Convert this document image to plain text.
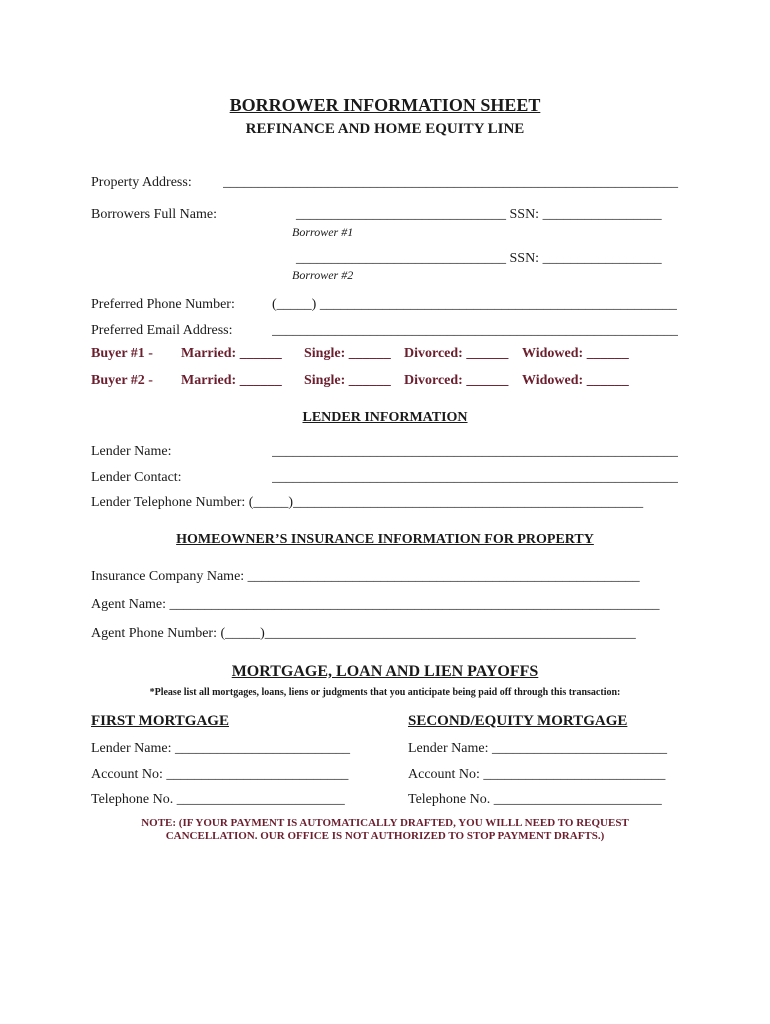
BORROWER INFORMATION SHEET
REFINANCE AND HOME EQUITY LINE
Property Address: _________________________________________________________________
Borrowers Full Name:	______________________________ SSN: _________________
Borrower #1
______________________________ SSN: _________________
Borrower #2
Preferred Phone Number:	(_____) ___________________________________________________
Preferred Email Address:	__________________________________________________________
Buyer #1 - Married: ______ Single: ______ Divorced: ______ Widowed: ______
Buyer #2 - Married: ______ Single: ______ Divorced: ______ Widowed: ______
LENDER INFORMATION
Lender Name:	__________________________________________________________
Lender Contact:	__________________________________________________________
Lender Telephone Number: (_____)__________________________________________________
HOMEOWNER’S INSURANCE INFORMATION FOR PROPERTY
Insurance Company Name: ________________________________________________________
Agent Name: ______________________________________________________________________
Agent Phone Number: (_____)_____________________________________________________
MORTGAGE, LOAN AND LIEN PAYOFFS
*Please list all mortgages, loans, liens or judgments that you anticipate being paid off through this transaction:
FIRST MORTGAGE	SECOND/EQUITY MORTGAGE
Lender Name: _________________________	Lender Name: _________________________
Account No: __________________________	Account No: __________________________
Telephone No. ________________________	Telephone No. ________________________
NOTE: (IF YOUR PAYMENT IS AUTOMATICALLY DRAFTED, YOU WILLL NEED TO REQUEST
CANCELLATION. OUR OFFICE IS NOT AUTHORIZED TO STOP PAYMENT DRAFTS.)
